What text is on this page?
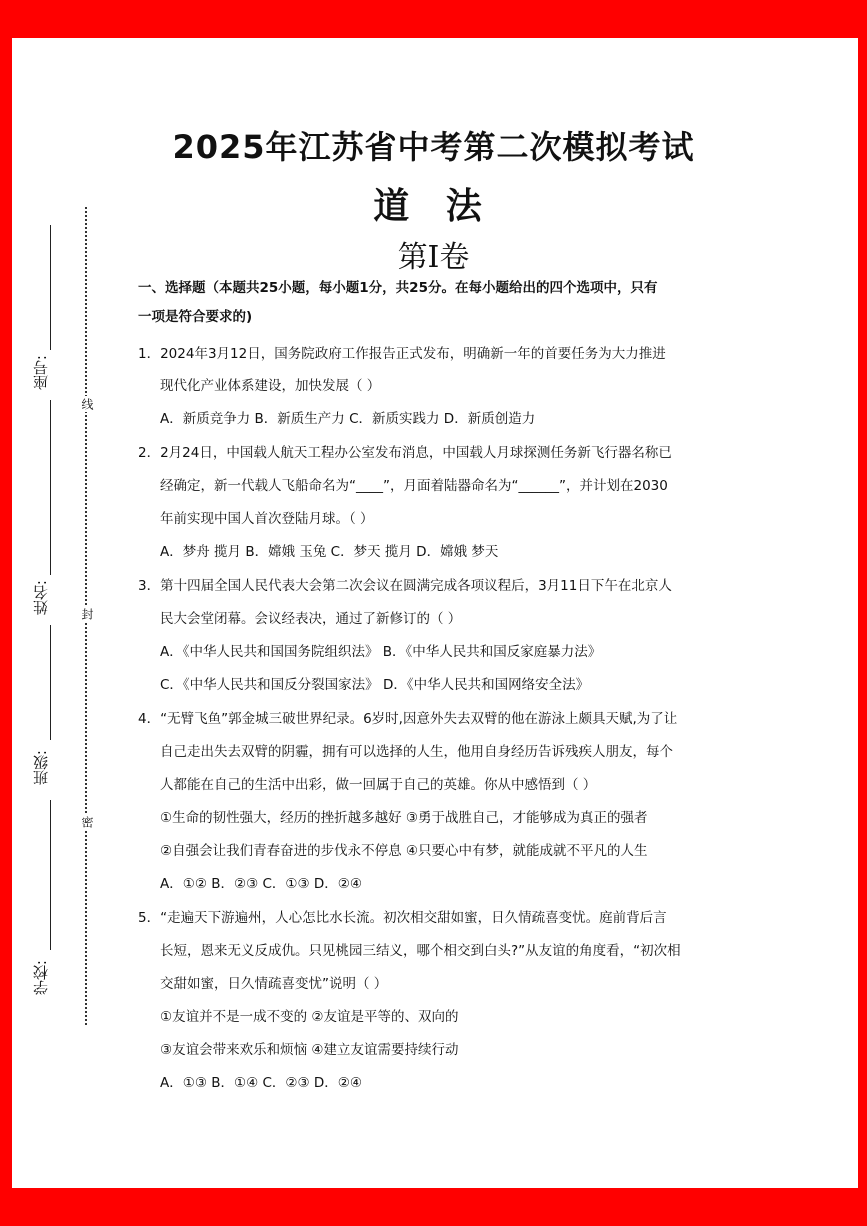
2025年江苏省中考第二次模拟考试
道 法
第Ⅰ卷
座号:
姓名:
班级:
学校:
线
封
密
一、选择题（本题共25小题，每小题1分，共25分。在每小题给出的四个选项中，只有
一项是符合要求的)
1．2024年3月12日，国务院政府工作报告正式发布，明确新一年的首要任务为大力推进
现代化产业体系建设，加快发展（ ）
A．新质竞争力 B．新质生产力 C．新质实践力 D．新质创造力
2．2月24日，中国载人航天工程办公室发布消息，中国载人月球探测任务新飞行器名称已
经确定，新一代载人飞船命名为“____”，月面着陆器命名为“______”，并计划在2030
年前实现中国人首次登陆月球。（ ）
A．梦舟 揽月 B．嫦娥 玉兔 C．梦天 揽月 D．嫦娥 梦天
3．第十四届全国人民代表大会第二次会议在圆满完成各项议程后，3月11日下午在北京人
民大会堂闭幕。会议经表决，通过了新修订的（ ）
A．《中华人民共和国国务院组织法》 B．《中华人民共和国反家庭暴力法》
C．《中华人民共和国反分裂国家法》 D．《中华人民共和国网络安全法》
4．“无臂飞鱼”郭金城三破世界纪录。6岁时,因意外失去双臂的他在游泳上颇具天赋,为了让
自己走出失去双臂的阴霾，拥有可以选择的人生，他用自身经历告诉残疾人朋友，每个
人都能在自己的生活中出彩，做一回属于自己的英雄。你从中感悟到（ ）
①生命的韧性强大，经历的挫折越多越好 ③勇于战胜自己，才能够成为真正的强者
②自强会让我们青春奋进的步伐永不停息 ④只要心中有梦，就能成就不平凡的人生
A．①② B．②③ C．①③ D．②④
5．“走遍天下游遍州，人心怎比水长流。初次相交甜如蜜，日久情疏喜变忧。庭前背后言
长短，恩来无义反成仇。只见桃园三结义，哪个相交到白头?”从友谊的角度看，“初次相
交甜如蜜，日久情疏喜变忧”说明（ ）
①友谊并不是一成不变的 ②友谊是平等的、双向的
③友谊会带来欢乐和烦恼 ④建立友谊需要持续行动
A．①③ B．①④ C．②③ D．②④
